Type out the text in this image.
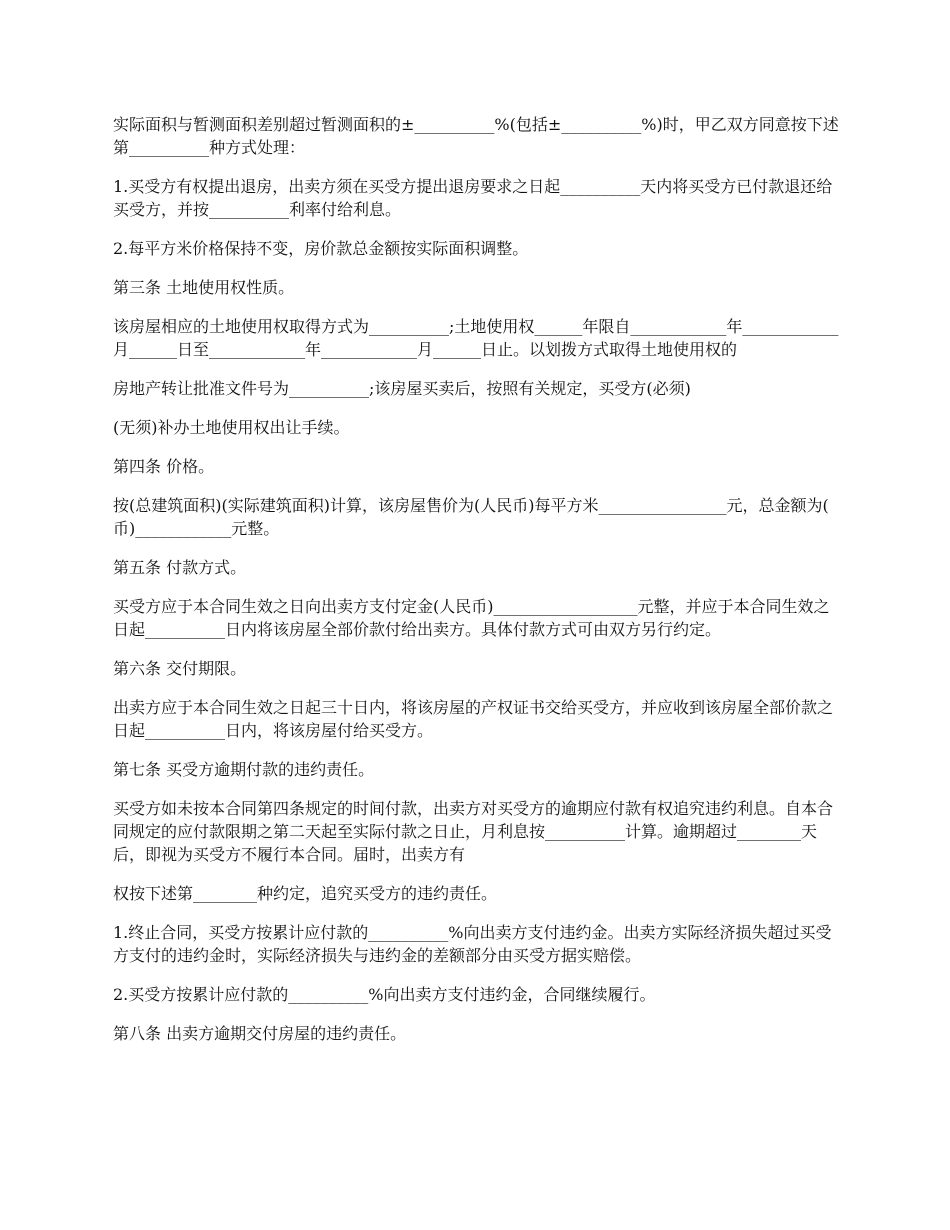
实际面积与暂测面积差别超过暂测面积的±__________%(包括±__________%)时，甲乙双方同意按下述第__________种方式处理：

1.买受方有权提出退房，出卖方须在买受方提出退房要求之日起__________天内将买受方已付款退还给买受方，并按__________利率付给利息。

2.每平方米价格保持不变，房价款总金额按实际面积调整。

第三条 土地使用权性质。

该房屋相应的土地使用权取得方式为__________;土地使用权______年限自____________年____________月______日至____________年____________月______日止。以划拨方式取得土地使用权的

房地产转让批准文件号为__________;该房屋买卖后，按照有关规定，买受方(必须)

(无须)补办土地使用权出让手续。

第四条 价格。

按(总建筑面积)(实际建筑面积)计算，该房屋售价为(人民币)每平方米________________元，总金额为( 币)____________元整。

第五条 付款方式。

买受方应于本合同生效之日向出卖方支付定金(人民币)__________________元整，并应于本合同生效之日起__________日内将该房屋全部价款付给出卖方。具体付款方式可由双方另行约定。

第六条 交付期限。

出卖方应于本合同生效之日起三十日内，将该房屋的产权证书交给买受方，并应收到该房屋全部价款之日起__________日内，将该房屋付给买受方。

第七条 买受方逾期付款的违约责任。

买受方如未按本合同第四条规定的时间付款，出卖方对买受方的逾期应付款有权追究违约利息。自本合同规定的应付款限期之第二天起至实际付款之日止，月利息按__________计算。逾期超过________天后，即视为买受方不履行本合同。届时，出卖方有

权按下述第________种约定，追究买受方的违约责任。

1.终止合同，买受方按累计应付款的__________%向出卖方支付违约金。出卖方实际经济损失超过买受方支付的违约金时，实际经济损失与违约金的差额部分由买受方据实赔偿。

2.买受方按累计应付款的__________%向出卖方支付违约金，合同继续履行。

第八条 出卖方逾期交付房屋的违约责任。
